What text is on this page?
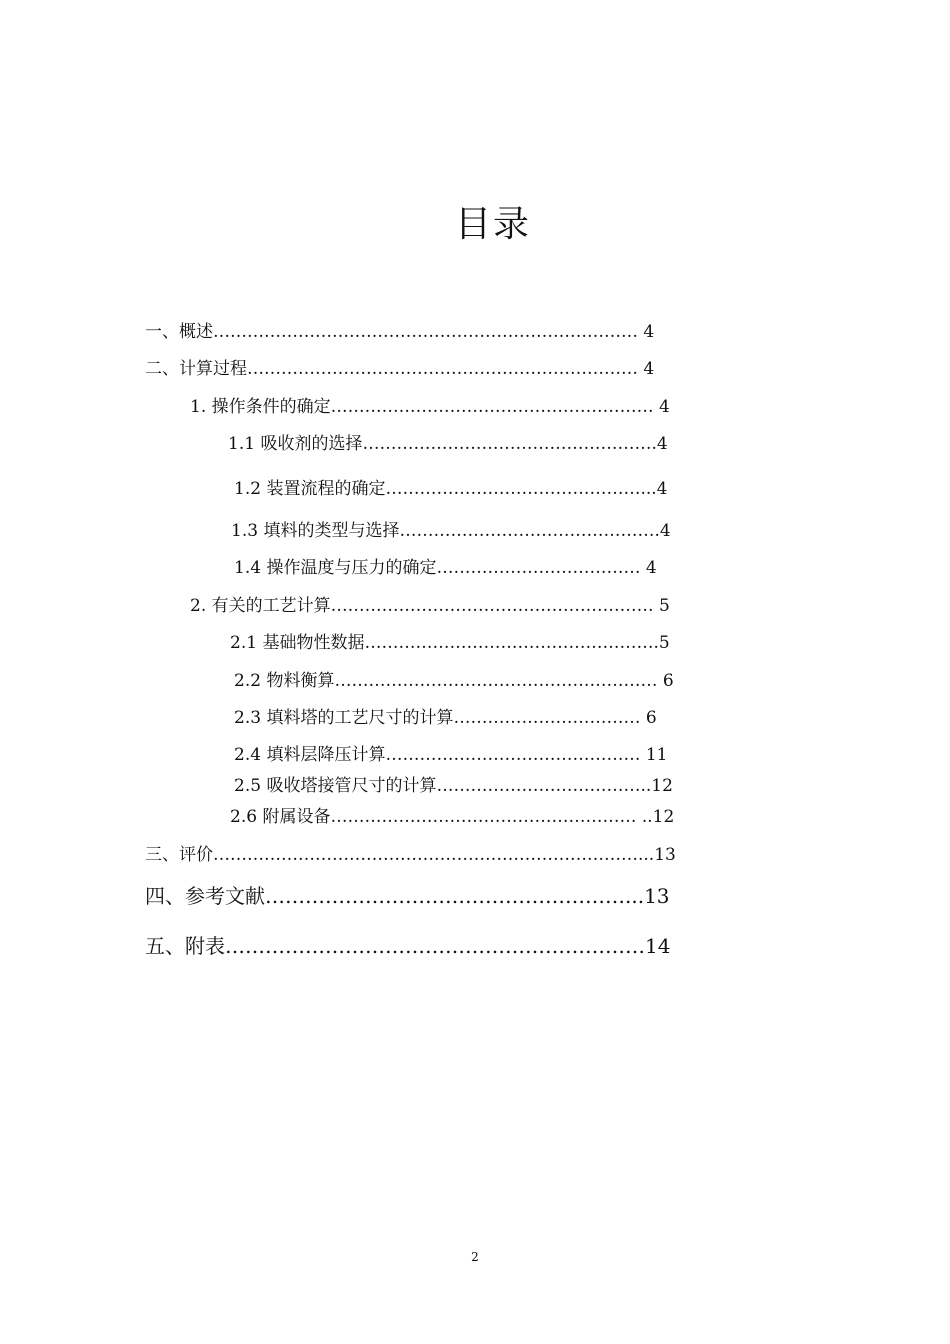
目录
一、概述………………………………………………………………… 4
二、计算过程…………………………………………………………… 4
1. 操作条件的确定………………………………………………… 4
1.1 吸收剂的选择…………………………………………….4
1.2 装置流程的确定………………………………………...4
1.3 填料的类型与选择……………………………………….4
1.4 操作温度与压力的确定……………………………… 4
2. 有关的工艺计算………………………………………………… 5
2.1 基础物性数据…………………………………………….5
2.2 物料衡算………………………………………………… 6
2.3 填料塔的工艺尺寸的计算…………………………… 6
2.4 填料层降压计算……………………………………… 11
2.5 吸收塔接管尺寸的计算………………………………..12
2.6 附属设备……………………………………………… ..12
三、评价…………………………………………………………………...13
四、参考文献………………………………………………...13
五、附表………………………………………………………14
2
